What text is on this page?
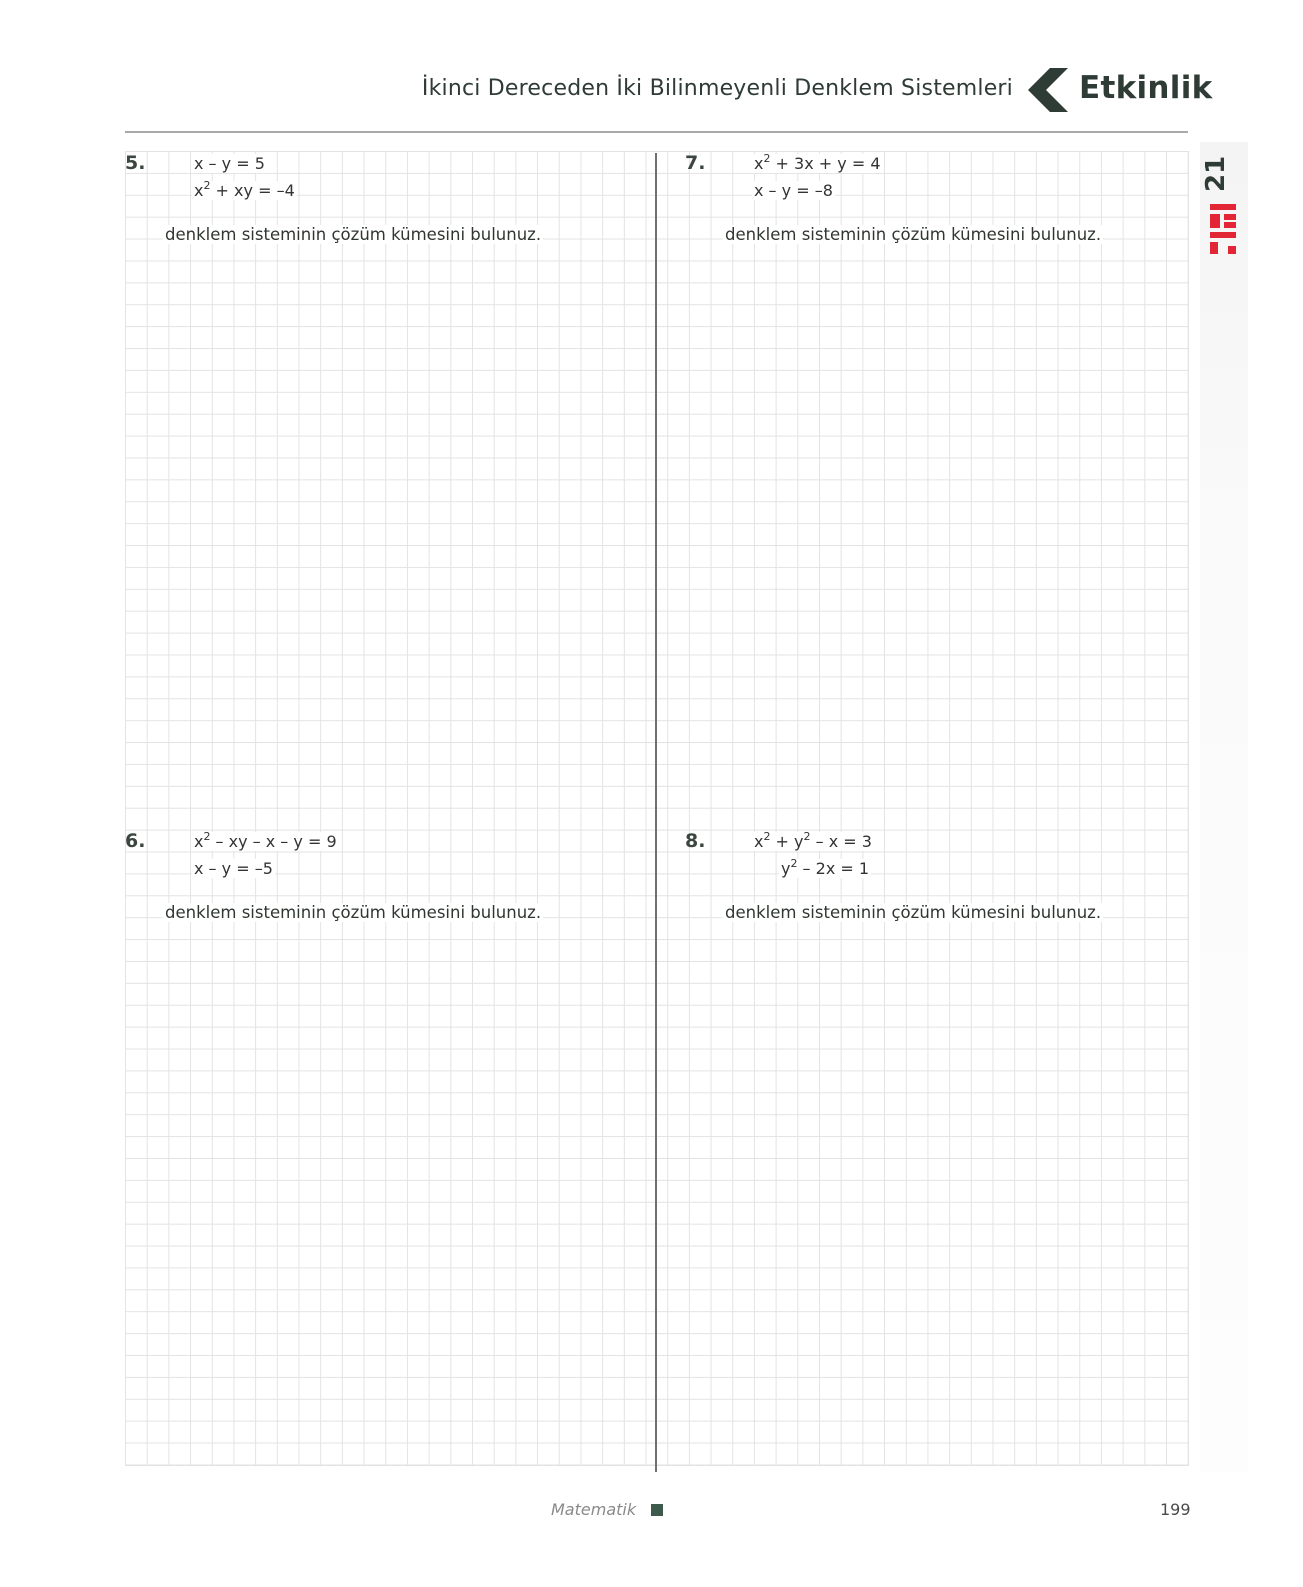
İkinci Dereceden İki Bilinmeyenli Denklem Sistemleri Etkinlik
21
5.	x – y = 5
$x^2$ + xy = –4
denklem sisteminin çözüm kümesini bulunuz.
7.	$x^2 + 3x + y = 4$
x – y = –8
denklem sisteminin çözüm kümesini bulunuz.
6.	$x^2$ – xy – x – y = 9
x – y = –5
denklem sisteminin çözüm kümesini bulunuz.
8.	$x^2 + y^2 - x = 3$
$y^2 - 2x = 1$
denklem sisteminin çözüm kümesini bulunuz.
Matematik	199
